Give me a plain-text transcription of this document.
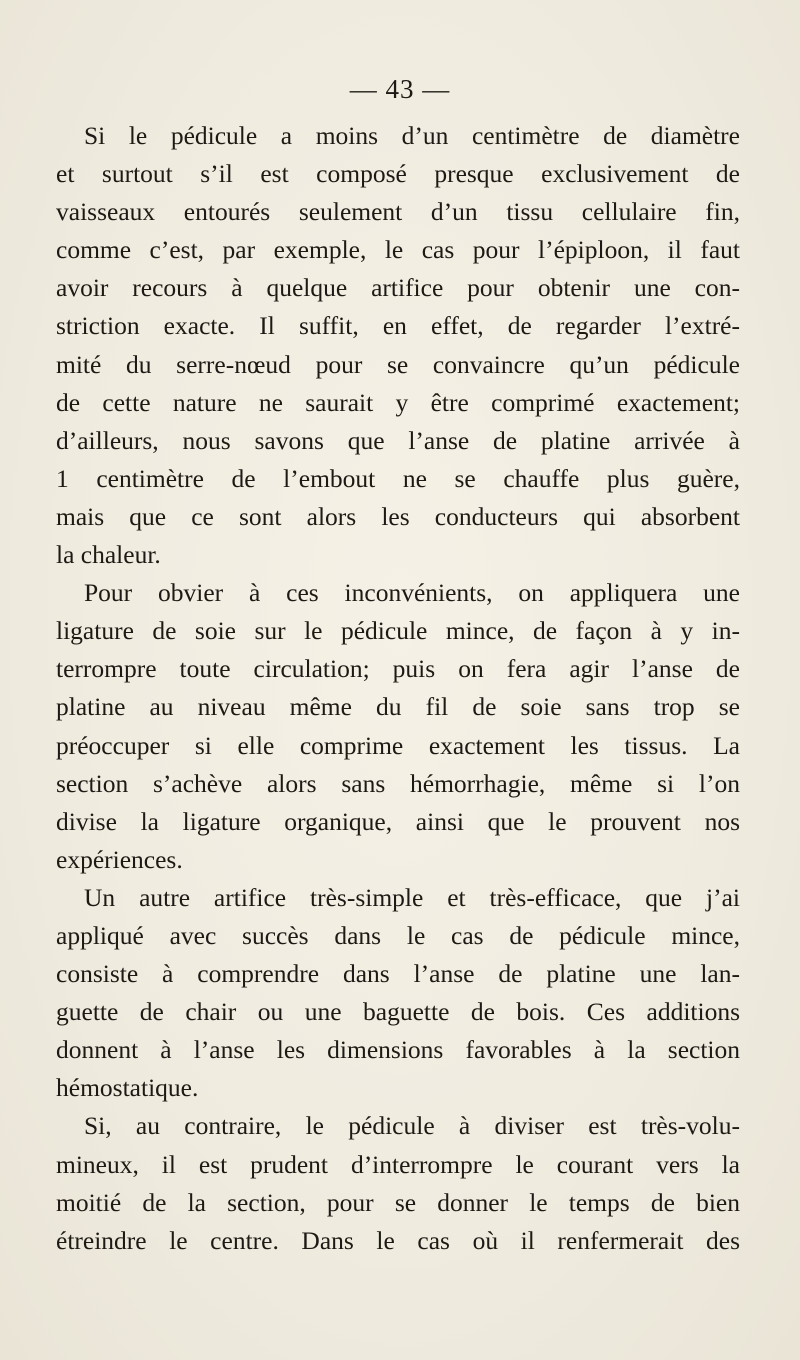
— 43 —
Si le pédicule a moins d’un centimètre de diamètre
et surtout s’il est composé presque exclusivement de
vaisseaux entourés seulement d’un tissu cellulaire fin,
comme c’est, par exemple, le cas pour l’épiploon, il faut
avoir recours à quelque artifice pour obtenir une con-
striction exacte. Il suffit, en effet, de regarder l’extré-
mité du serre-nœud pour se convaincre qu’un pédicule
de cette nature ne saurait y être comprimé exactement;
d’ailleurs, nous savons que l’anse de platine arrivée à
1 centimètre de l’embout ne se chauffe plus guère,
mais que ce sont alors les conducteurs qui absorbent
la chaleur.
Pour obvier à ces inconvénients, on appliquera une
ligature de soie sur le pédicule mince, de façon à y in-
terrompre toute circulation; puis on fera agir l’anse de
platine au niveau même du fil de soie sans trop se
préoccuper si elle comprime exactement les tissus. La
section s’achève alors sans hémorrhagie, même si l’on
divise la ligature organique, ainsi que le prouvent nos
expériences.
Un autre artifice très-simple et très-efficace, que j’ai
appliqué avec succès dans le cas de pédicule mince,
consiste à comprendre dans l’anse de platine une lan-
guette de chair ou une baguette de bois. Ces additions
donnent à l’anse les dimensions favorables à la section
hémostatique.
Si, au contraire, le pédicule à diviser est très-volu-
mineux, il est prudent d’interrompre le courant vers la
moitié de la section, pour se donner le temps de bien
étreindre le centre. Dans le cas où il renfermerait des
